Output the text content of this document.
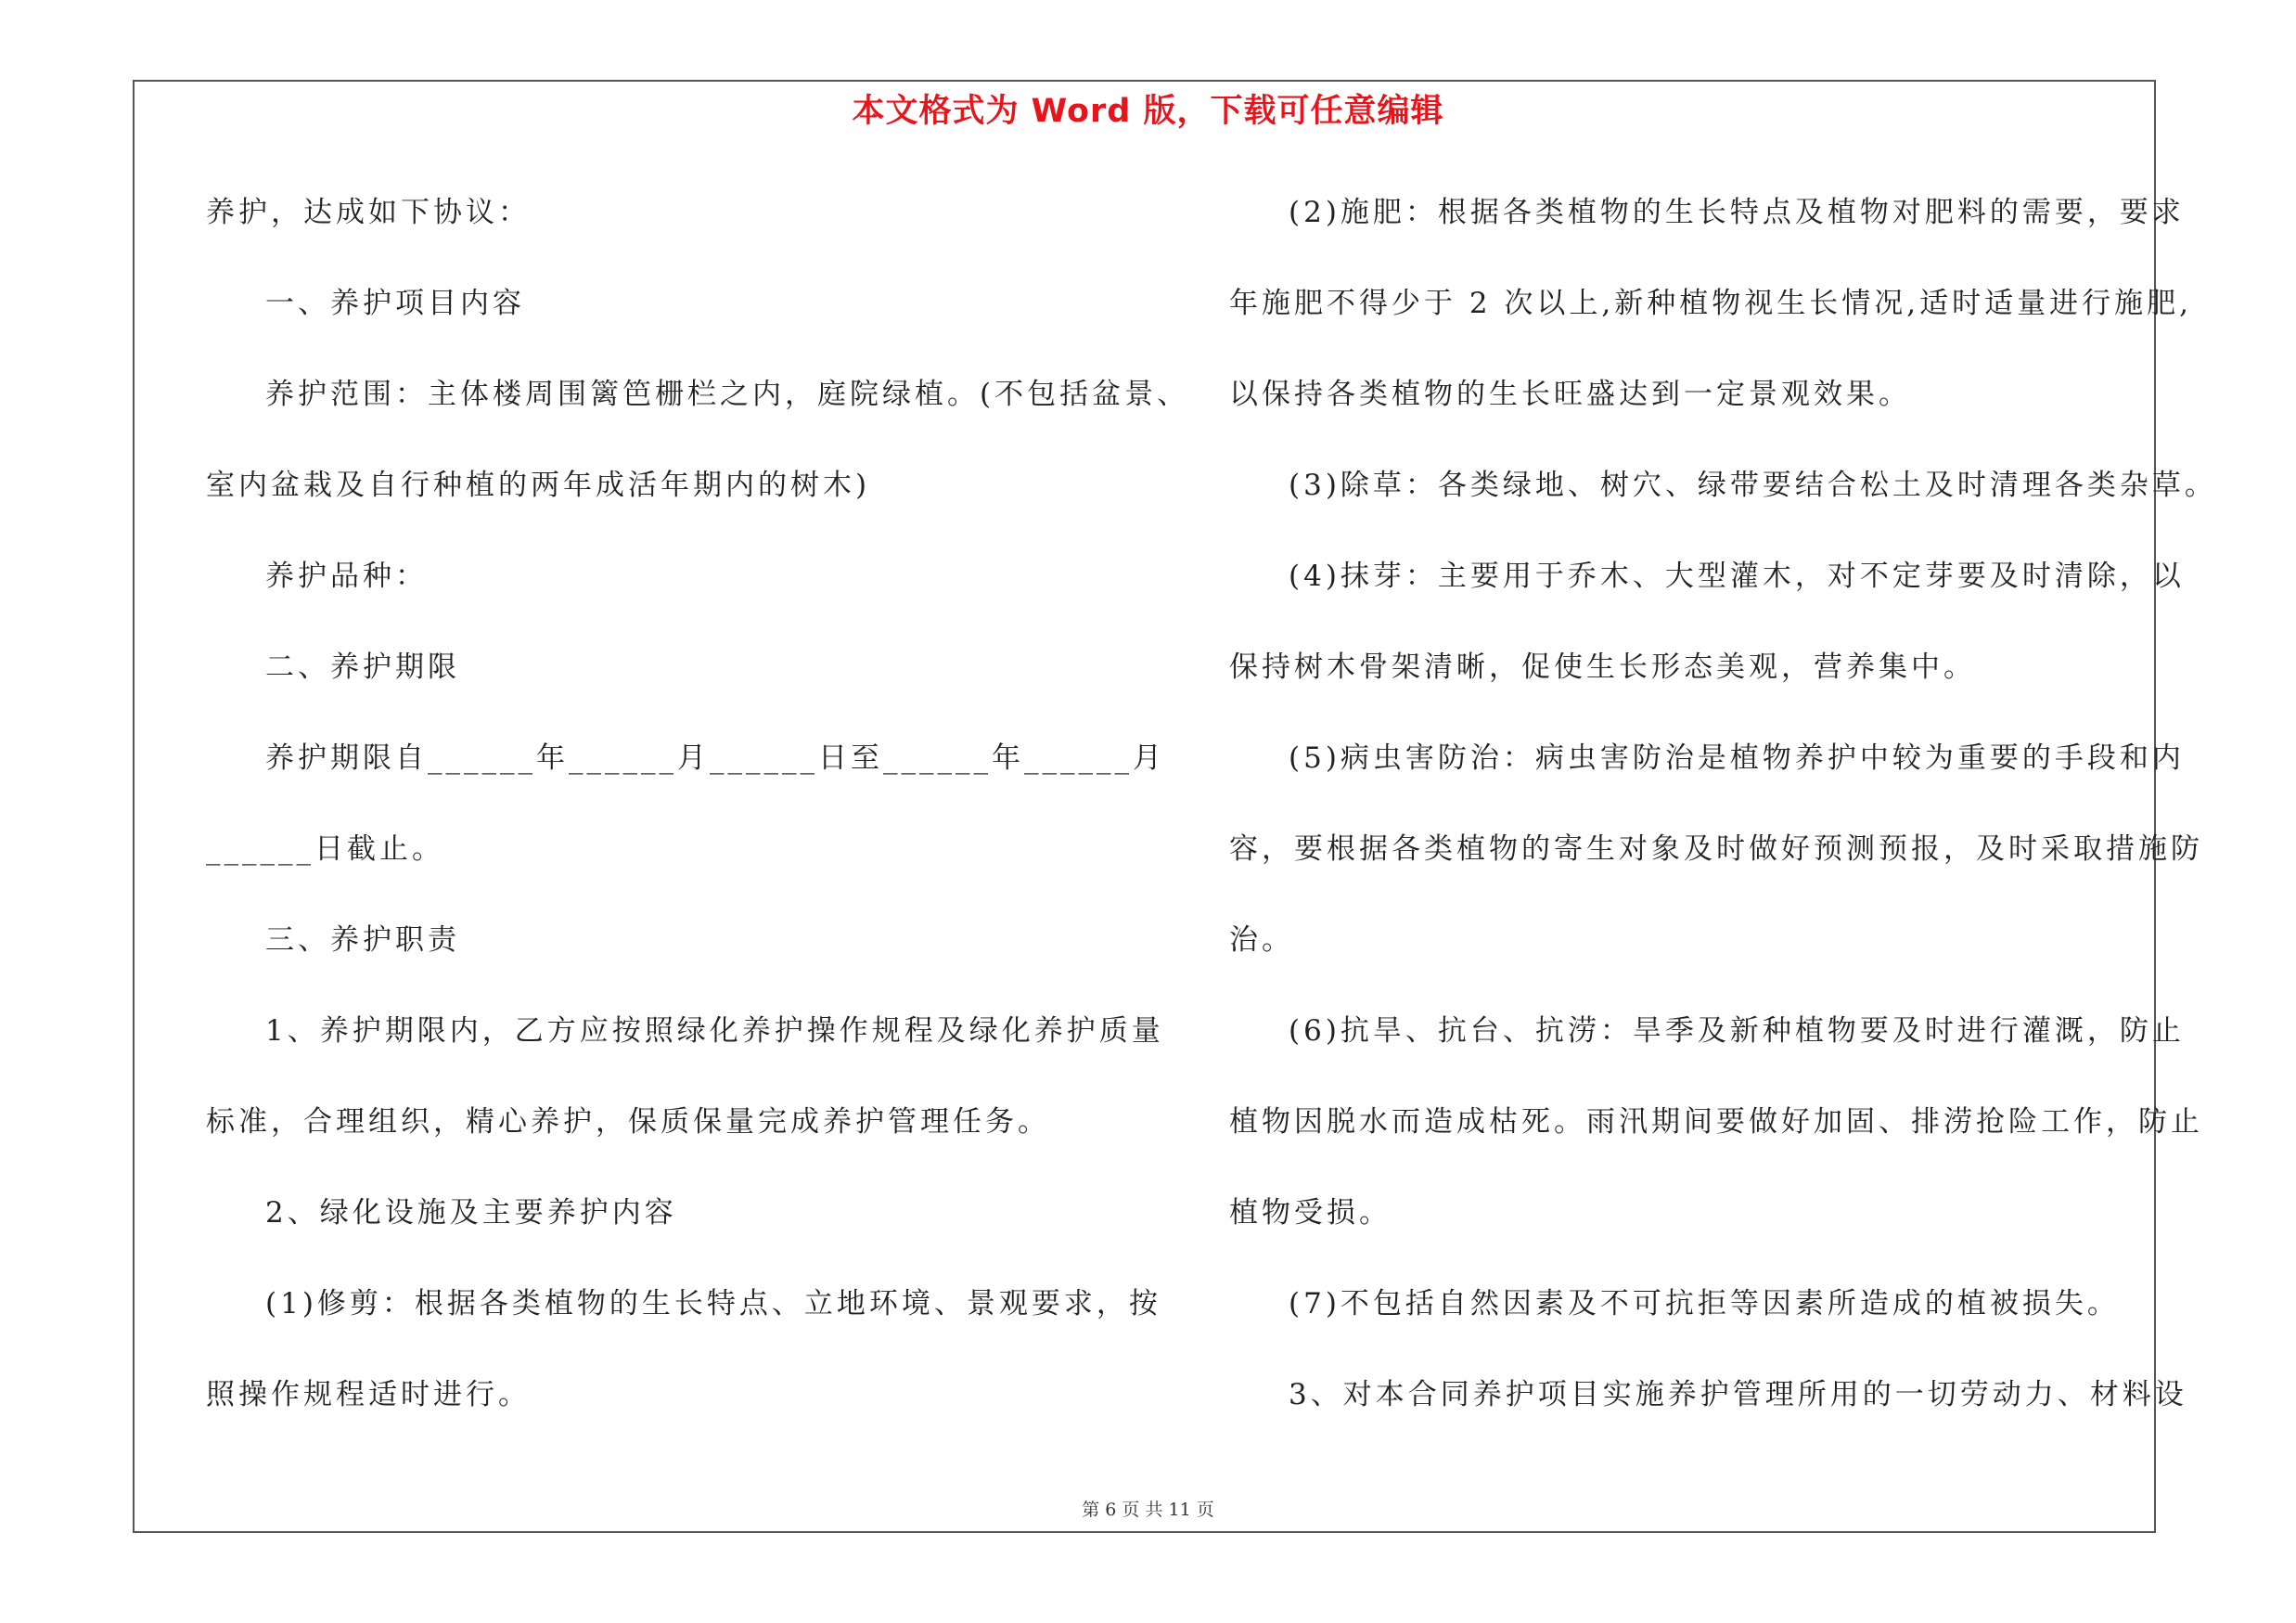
本文格式为 Word 版，下载可任意编辑
养护，达成如下协议：
一、养护项目内容
养护范围：主体楼周围篱笆栅栏之内，庭院绿植。(不包括盆景、
室内盆栽及自行种植的两年成活年期内的树木)
养护品种：
二、养护期限
养护期限自______年______月______日至______年______月
______日截止。
三、养护职责
1、养护期限内，乙方应按照绿化养护操作规程及绿化养护质量
标准，合理组织，精心养护，保质保量完成养护管理任务。
2、绿化设施及主要养护内容
(1)修剪：根据各类植物的生长特点、立地环境、景观要求，按
照操作规程适时进行。
(2)施肥：根据各类植物的生长特点及植物对肥料的需要，要求
年施肥不得少于 2 次以上,新种植物视生长情况,适时适量进行施肥,
以保持各类植物的生长旺盛达到一定景观效果。
(3)除草：各类绿地、树穴、绿带要结合松土及时清理各类杂草。
(4)抹芽：主要用于乔木、大型灌木，对不定芽要及时清除，以
保持树木骨架清晰，促使生长形态美观，营养集中。
(5)病虫害防治：病虫害防治是植物养护中较为重要的手段和内
容，要根据各类植物的寄生对象及时做好预测预报，及时采取措施防
治。
(6)抗旱、抗台、抗涝：旱季及新种植物要及时进行灌溉，防止
植物因脱水而造成枯死。雨汛期间要做好加固、排涝抢险工作，防止
植物受损。
(7)不包括自然因素及不可抗拒等因素所造成的植被损失。
3、对本合同养护项目实施养护管理所用的一切劳动力、材料设
第 6 页 共 11 页
